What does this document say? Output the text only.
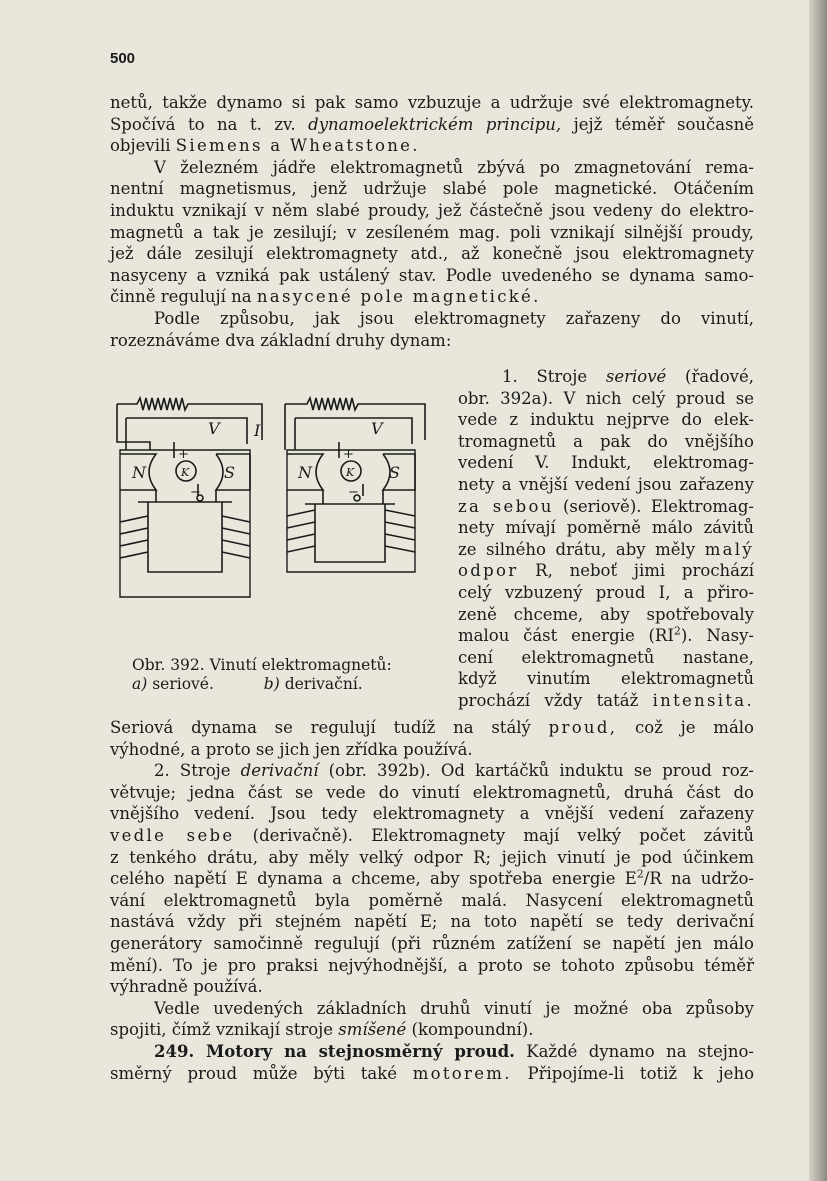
500
netů, takže dynamo si pak samo vzbuzuje a udržuje své elektromagnety.
Spočívá to na t. zv. dynamoelektrickém principu, jejž téměř současně
objevili Siemens a Wheatstone.
V železném jádře elektromagnetů zbývá po zmagnetování rema-
nentní magnetismus, jenž udržuje slabé pole magnetické. Otáčením
induktu vznikají v něm slabé proudy, jež částečně jsou vedeny do elektro-
magnetů a tak je zesilují; v zesíleném mag. poli vznikají silnější proudy,
jež dále zesilují elektromagnety atd., až konečně jsou elektromagnety
nasyceny a vzniká pak ustálený stav. Podle uvedeného se dynama samo-
činně regulují na nasycené pole magnetické.
Podle způsobu, jak jsou elektromagnety zařazeny do vinutí,
rozeznáváme dva základní druhy dynam:
V I
N	K S
+
−
V
N	K S
+
−
Obr. 392. Vinutí elektromagnetů:
a) seriové.	b) derivační.
1. Stroje seriové (řadové,
obr. 392a). V nich celý proud se
vede z induktu nejprve do elek-
tromagnetů a pak do vnějšího
vedení V. Indukt, elektromag-
nety a vnější vedení jsou zařazeny
za sebou (seriově). Elektromag-
nety mívají poměrně málo závitů
ze silného drátu, aby měly malý
odpor R, neboť jimi prochází
celý vzbuzený proud I, a přiro-
zeně chceme, aby spotřebovaly
malou část energie $(RI^2)$. Nasy-
cení elektromagnetů nastane,
když vinutím elektromagnetů
prochází vždy tatáž intensita.
Seriová dynama se regulují tudíž na stálý proud, což je málo
výhodné, a proto se jich jen zřídka používá.
2. Stroje derivační (obr. 392b). Od kartáčků induktu se proud roz-
větvuje; jedna část se vede do vinutí elektromagnetů, druhá část do
vnějšího vedení. Jsou tedy elektromagnety a vnější vedení zařazeny
vedle sebe (derivačně). Elektromagnety mají velký počet závitů
z tenkého drátu, aby měly velký odpor R; jejich vinutí je pod účinkem
celého napětí E dynama a chceme, aby spotřeba energie $E^2/R$ na udržo-
vání elektromagnetů byla poměrně malá. Nasycení elektromagnetů
nastává vždy při stejném napětí E; na toto napětí se tedy derivační
generátory samočinně regulují (při různém zatížení se napětí jen málo
mění). To je pro praksi nejvýhodnější, a proto se tohoto způsobu téměř
výhradně používá.
Vedle uvedených základních druhů vinutí je možné oba způsoby
spojiti, čímž vznikají stroje smíšené (kompoundní).
249. Motory na stejnosměrný proud. Každé dynamo na stejno-
směrný proud může býti také motorem. Připojíme-li totiž k jeho
